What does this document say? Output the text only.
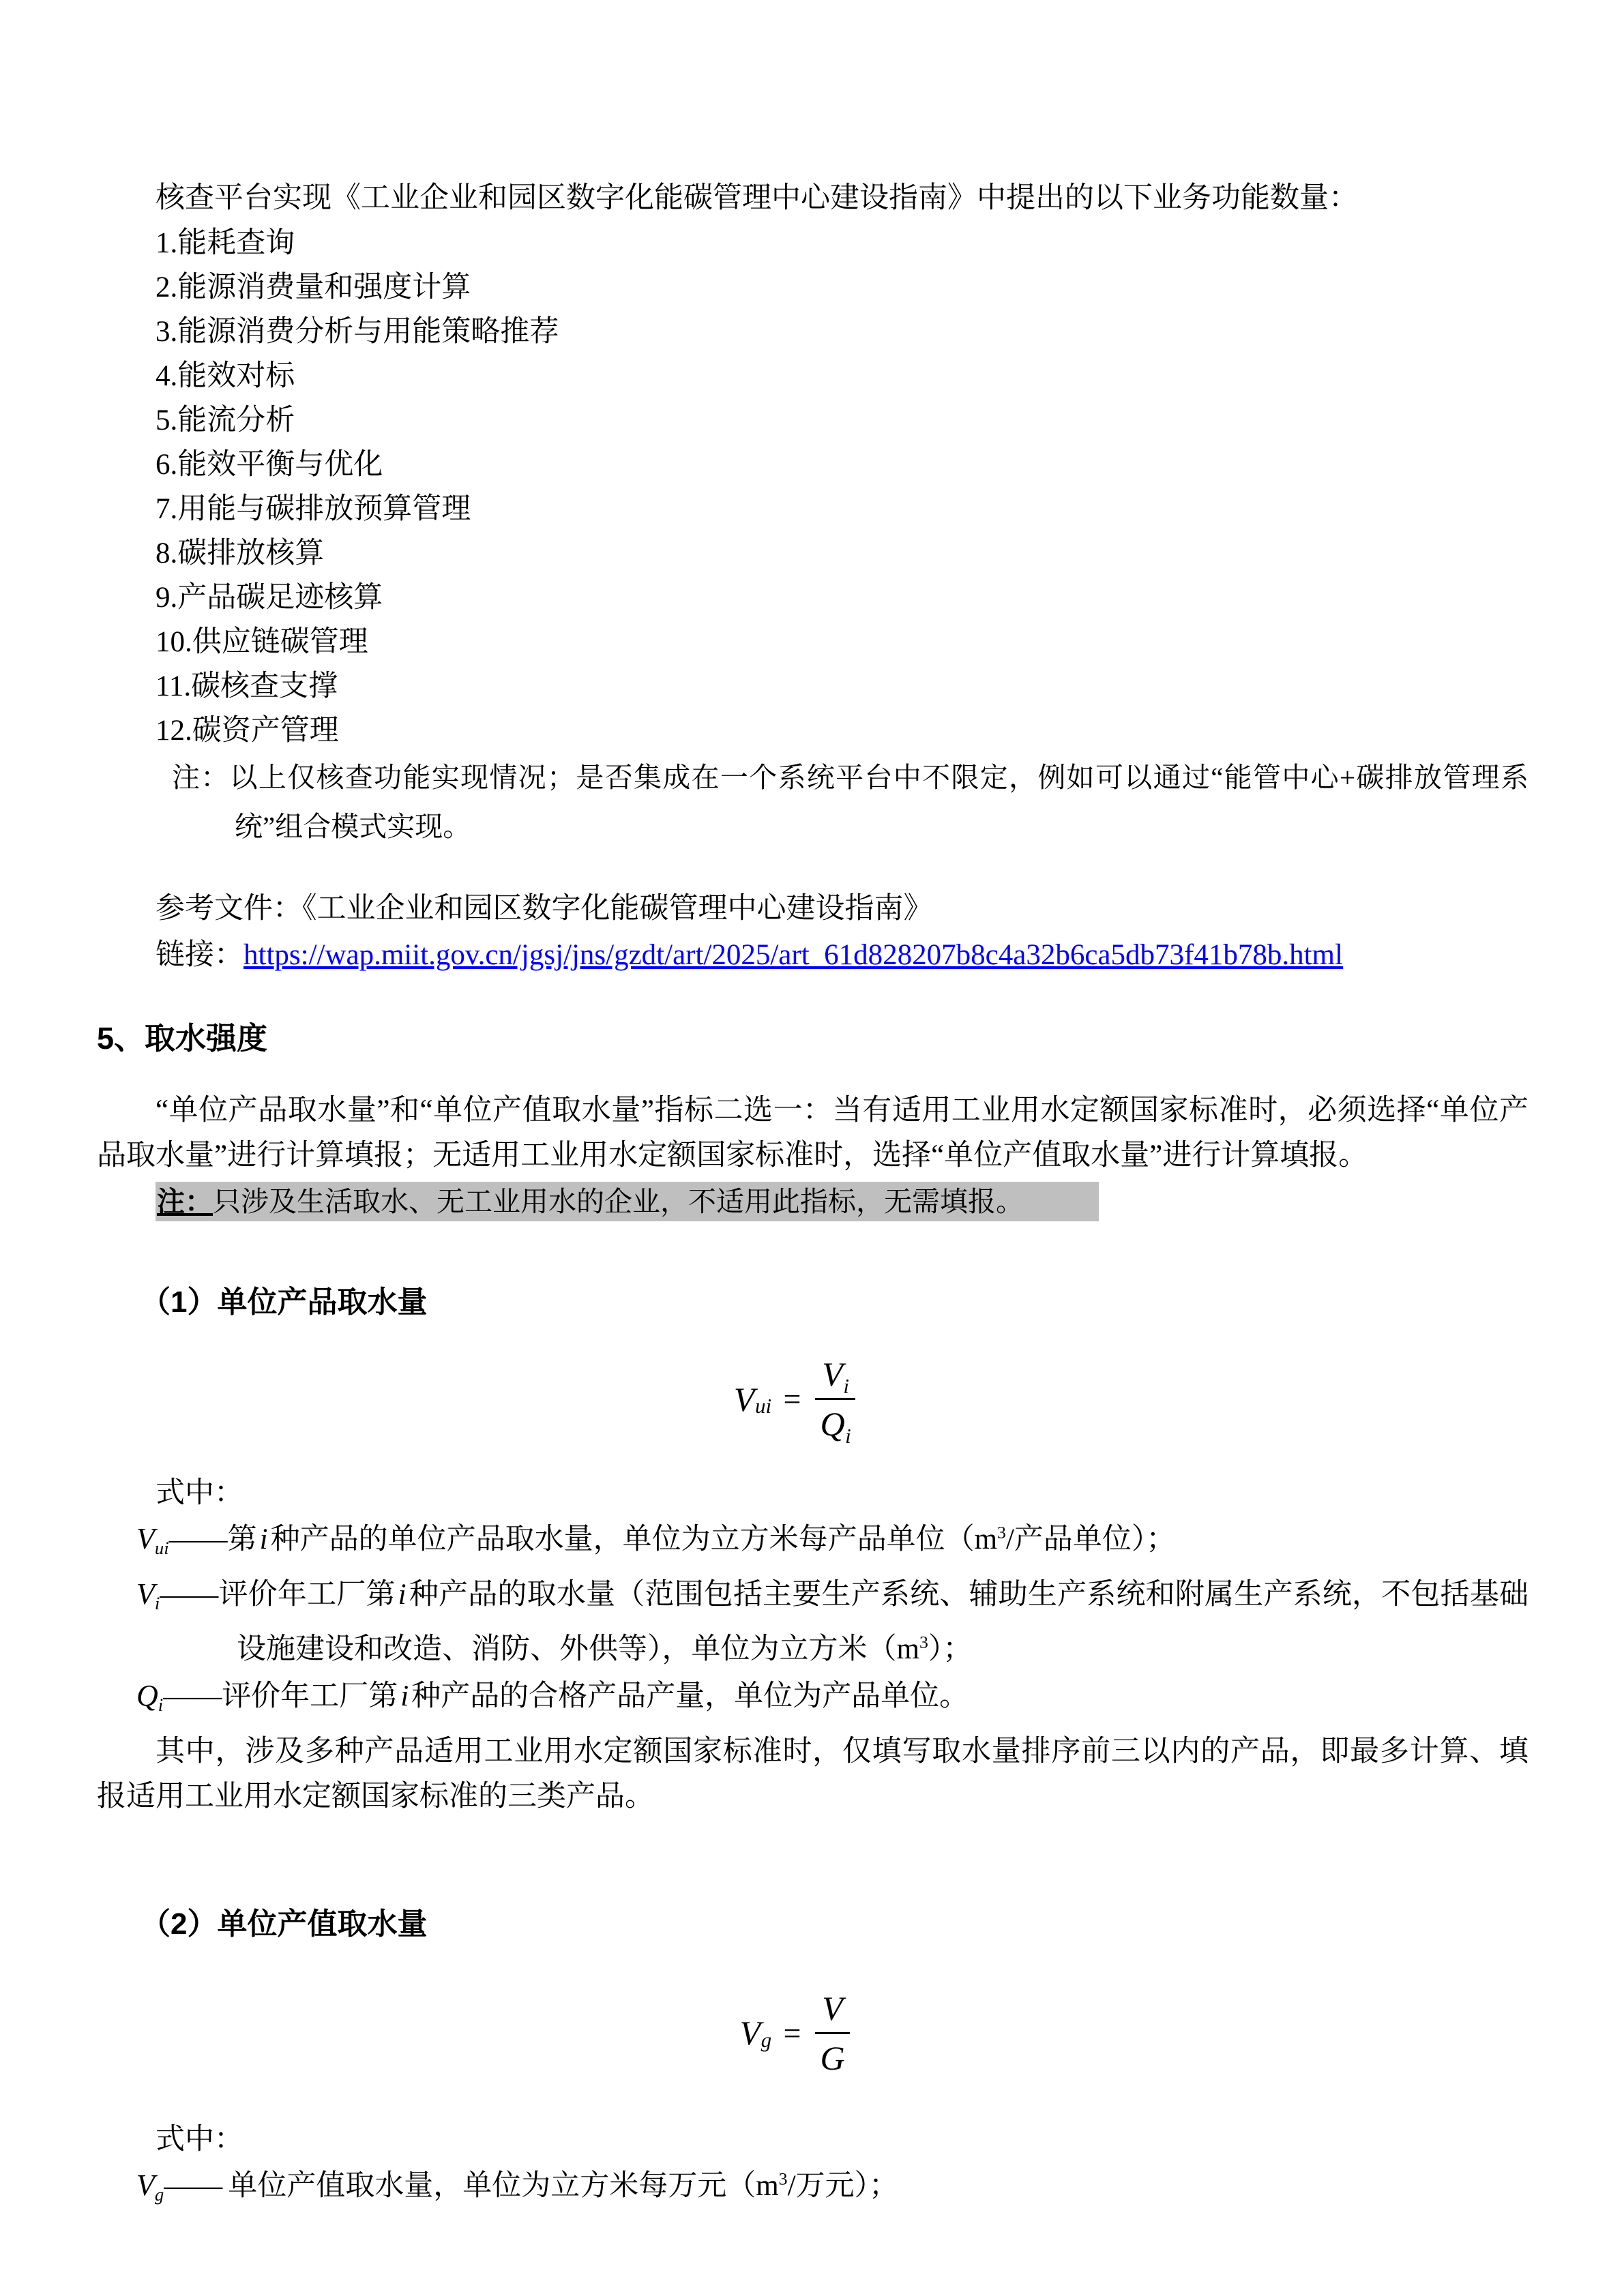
核查平台实现《工业企业和园区数字化能碳管理中心建设指南》中提出的以下业务功能数量：

1.能耗查询
2.能源消费量和强度计算
3.能源消费分析与用能策略推荐
4.能效对标
5.能流分析
6.能效平衡与优化
7.用能与碳排放预算管理
8.碳排放核算
9.产品碳足迹核算
10.供应链碳管理
11.碳核查支撑
12.碳资产管理

注：以上仅核查功能实现情况；是否集成在一个系统平台中不限定，例如可以通过“能管中心+碳排放管理系统”组合模式实现。

参考文件：《工业企业和园区数字化能碳管理中心建设指南》

链接：https://wap.miit.gov.cn/jgsj/jns/gzdt/art/2025/art_61d828207b8c4a32b6ca5db73f41b78b.html

5、取水强度

“单位产品取水量”和“单位产值取水量”指标二选一：当有适用工业用水定额国家标准时，必须选择“单位产品取水量”进行计算填报；无适用工业用水定额国家标准时，选择“单位产值取水量”进行计算填报。

注：只涉及生活取水、无工业用水的企业，不适用此指标，无需填报。

（1）单位产品取水量
V ui = $\frac{V_i}{Q_i}$

式中：

Vui——第i种产品的单位产品取水量，单位为立方米每产品单位（$m^3/$产品单位）；

Vi——评价年工厂第i种产品的取水量（范围包括主要生产系统、辅助生产系统和附属生产系统，不包括基础设施建设和改造、消防、外供等），单位为立方米$(m^3)$；

Qi——评价年工厂第i种产品的合格产品产量，单位为产品单位。

其中，涉及多种产品适用工业用水定额国家标准时，仅填写取水量排序前三以内的产品，即最多计算、填报适用工业用水定额国家标准的三类产品。

（2）单位产值取水量
V $g = \frac{V}{G}$

式中：

Vg—— 单位产值取水量，单位为立方米每万元（$m^3/$万元）；
